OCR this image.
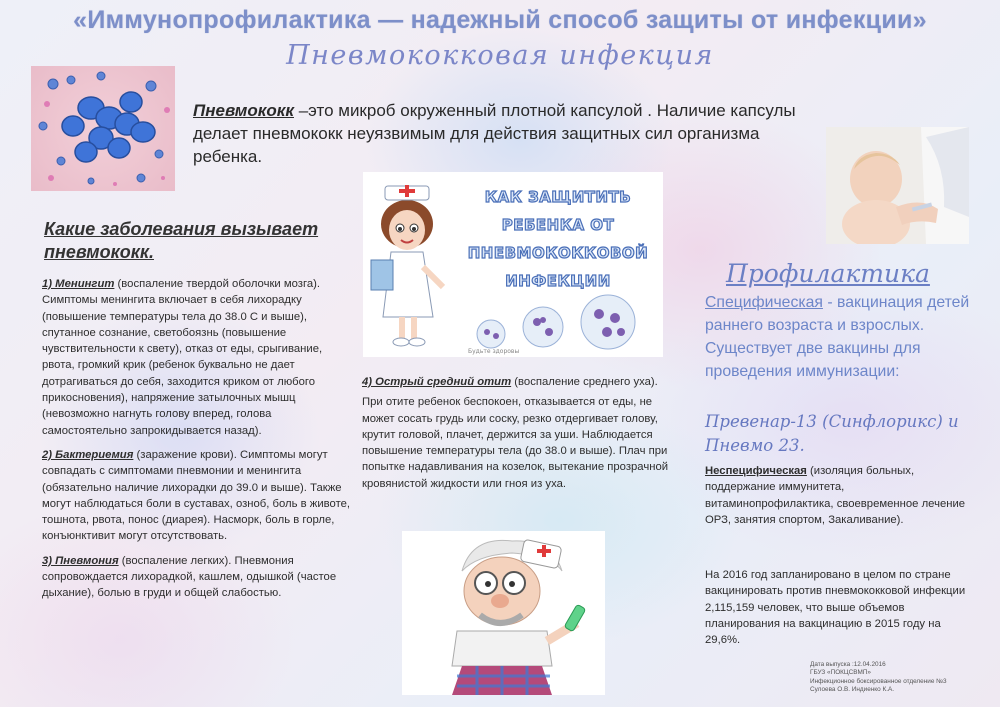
«Иммунопрофилактика — надежный способ защиты от инфекции»
Пневмококковая инфекция
Пневмококк –это микроб окруженный плотной капсулой . Наличие капсулы делает пневмококк неуязвимым для действия защитных сил организма ребенка.
Какие заболевания вызывает пневмококк.

1) Менингит (воспаление твердой оболочки мозга). Симптомы менингита включает в себя лихорадку (повышение температуры тела до 38.0 С и выше), спутанное сознание, светобоязнь (повышение чувствительности к свету), отказ от еды, срыгивание, рвота, громкий крик (ребенок буквально не дает дотрагиваться до себя, заходится криком от любого прикосновения), напряжение затылочных мышц (невозможно нагнуть голову вперед, голова самостоятельно запрокидывается назад).

2) Бактериемия (заражение крови). Симптомы могут совпадать с симптомами пневмонии и менингита (обязательно наличие лихорадки до 39.0 и выше). Также могут наблюдаться боли в суставах, озноб, боль в животе, тошнота, рвота, понос (диарея). Насморк, боль в горле, конъюнктивит могут отсутствовать.

3) Пневмония (воспаление легких). Пневмония сопровождается лихорадкой, кашлем, одышкой (частое дыхание), болью в груди и общей слабостью.

КАК ЗАЩИТИТЬ
РЕБЕНКА ОТ
ПНЕВМОКОККОВОЙ
ИНФЕКЦИИ
Будьте здоровы

4) Острый средний отит (воспаление среднего уха).

При отите ребенок беспокоен, отказывается от еды, не может сосать грудь или соску, резко отдергивает голову, крутит головой, плачет, держится за уши. Наблюдается повышение температуры тела (до 38.0 и выше). Плач при попытке надавливания на козелок, вытекание прозрачной кровянистой жидкости или гноя из уха.

Профилактика
Специфическая - вакцинация детей раннего возраста и взрослых.
Существует две вакцины для проведения иммунизации:
Превенар-13 (Синфлорикс) и Пневмо 23.
Неспецифическая (изоляция больных, поддержание иммунитета, витаминопрофилактика, своевременное лечение ОРЗ, занятия спортом, Закаливание).
На 2016 год запланировано в целом по стране вакцинировать против пневмококковой инфекции 2,115,159 человек, что выше объемов планирования на вакцинацию в 2015 году на 29,6%.
Дата выпуска :12.04.2016
ГБУЗ «ПОКЦСВМП»
Инфекционное боксированное отделение №3
Сулоева О.В. Индиенко К.А.
